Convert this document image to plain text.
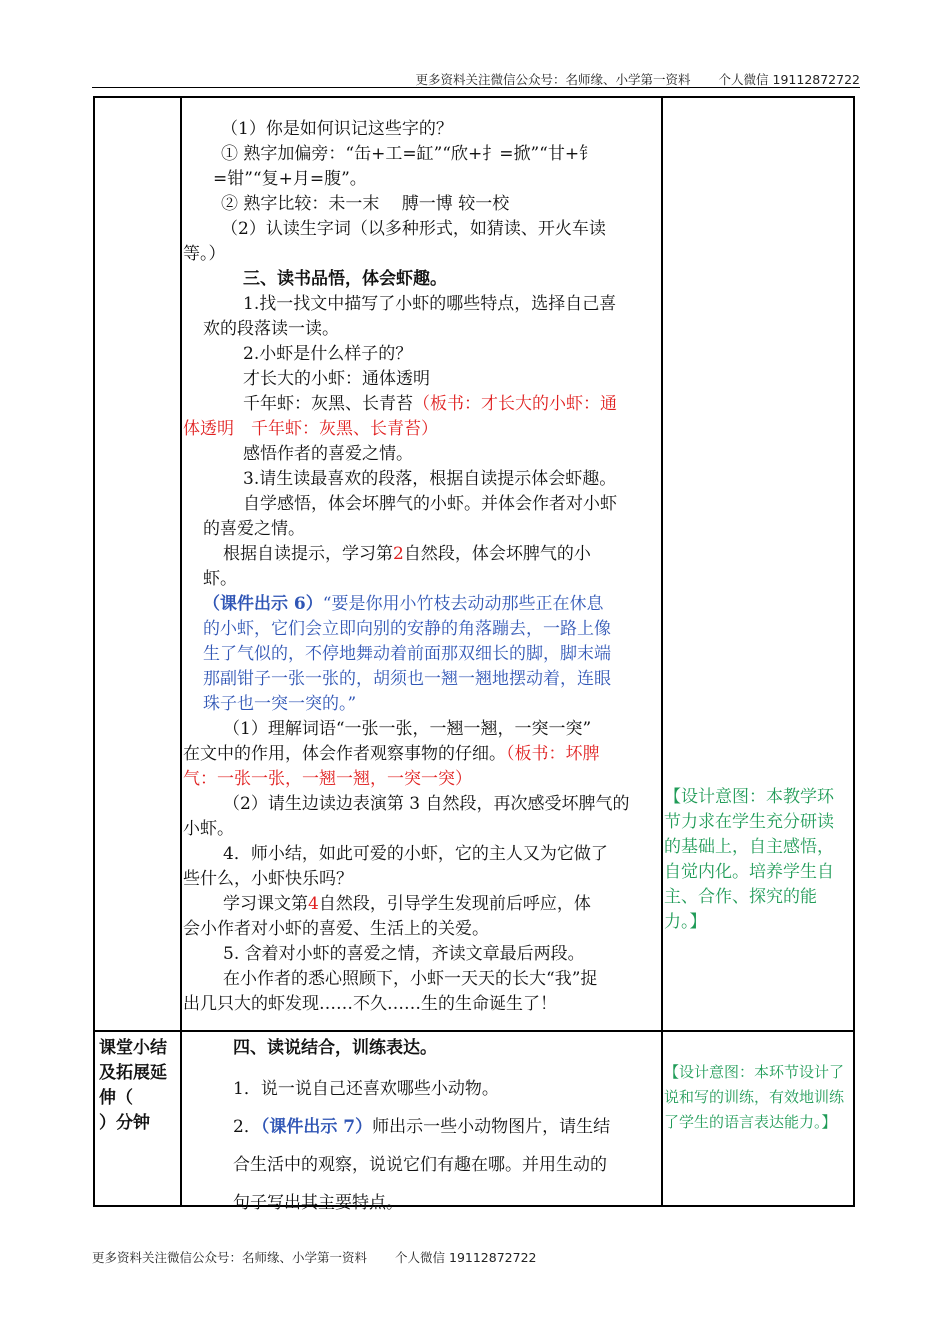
更多资料关注微信公众号：名师缘、小学第一资料 个人微信 19112872722

（1）你是如何识记这些字的？

① 熟字加偏旁：“缶+工=缸”“欣+扌=掀”“甘+钅

=钳”“复+月=腹”。

② 熟字比较：未一末　 膊一博 较一校

（2）认读生字词（以多种形式，如猜读、开火车读

等。）

三、读书品悟，体会虾趣。

1.找一找文中描写了小虾的哪些特点，选择自己喜

欢的段落读一读。

2.小虾是什么样子的？

才长大的小虾：通体透明

千年虾：灰黑、长青苔（板书：才长大的小虾：通

体透明　千年虾：灰黑、长青苔）

感悟作者的喜爱之情。

3.请生读最喜欢的段落，根据自读提示体会虾趣。

自学感悟，体会坏脾气的小虾。并体会作者对小虾

的喜爱之情。

根据自读提示，学习第2自然段，体会坏脾气的小

虾。

（课件出示 6）“要是你用小竹枝去动动那些正在休息

的小虾，它们会立即向别的安静的角落蹦去，一路上像

生了气似的，不停地舞动着前面那双细长的脚，脚末端

那副钳子一张一张的，胡须也一翘一翘地摆动着，连眼

珠子也一突一突的。”

（1）理解词语“一张一张，一翘一翘，一突一突”

在文中的作用，体会作者观察事物的仔细。（板书：坏脾

气：一张一张，一翘一翘，一突一突）

（2）请生边读边表演第 3 自然段，再次感受坏脾气的

小虾。

4．师小结，如此可爱的小虾，它的主人又为它做了

些什么，小虾快乐吗？

学习课文第4自然段，引导学生发现前后呼应，体

会小作者对小虾的喜爱、生活上的关爱。

5. 含着对小虾的喜爱之情，齐读文章最后两段。

在小作者的悉心照顾下，小虾一天天的长大“我”捉

出几只大的虾发现……不久……生的生命诞生了！

【设计意图：本教学环节力求在学生充分研读的基础上，自主感悟，自觉内化。培养学生自主、合作、探究的能力。】
课堂小结
及拓展延
伸（
）分钟

四、读说结合，训练表达。

1．说一说自己还喜欢哪些小动物。

2．（课件出示 7）师出示一些小动物图片，请生结

合生活中的观察，说说它们有趣在哪。并用生动的

句子写出其主要特点。

【设计意图：本环节设计了说和写的训练，有效地训练了学生的语言表达能力。】
更多资料关注微信公众号：名师缘、小学第一资料 个人微信 19112872722
